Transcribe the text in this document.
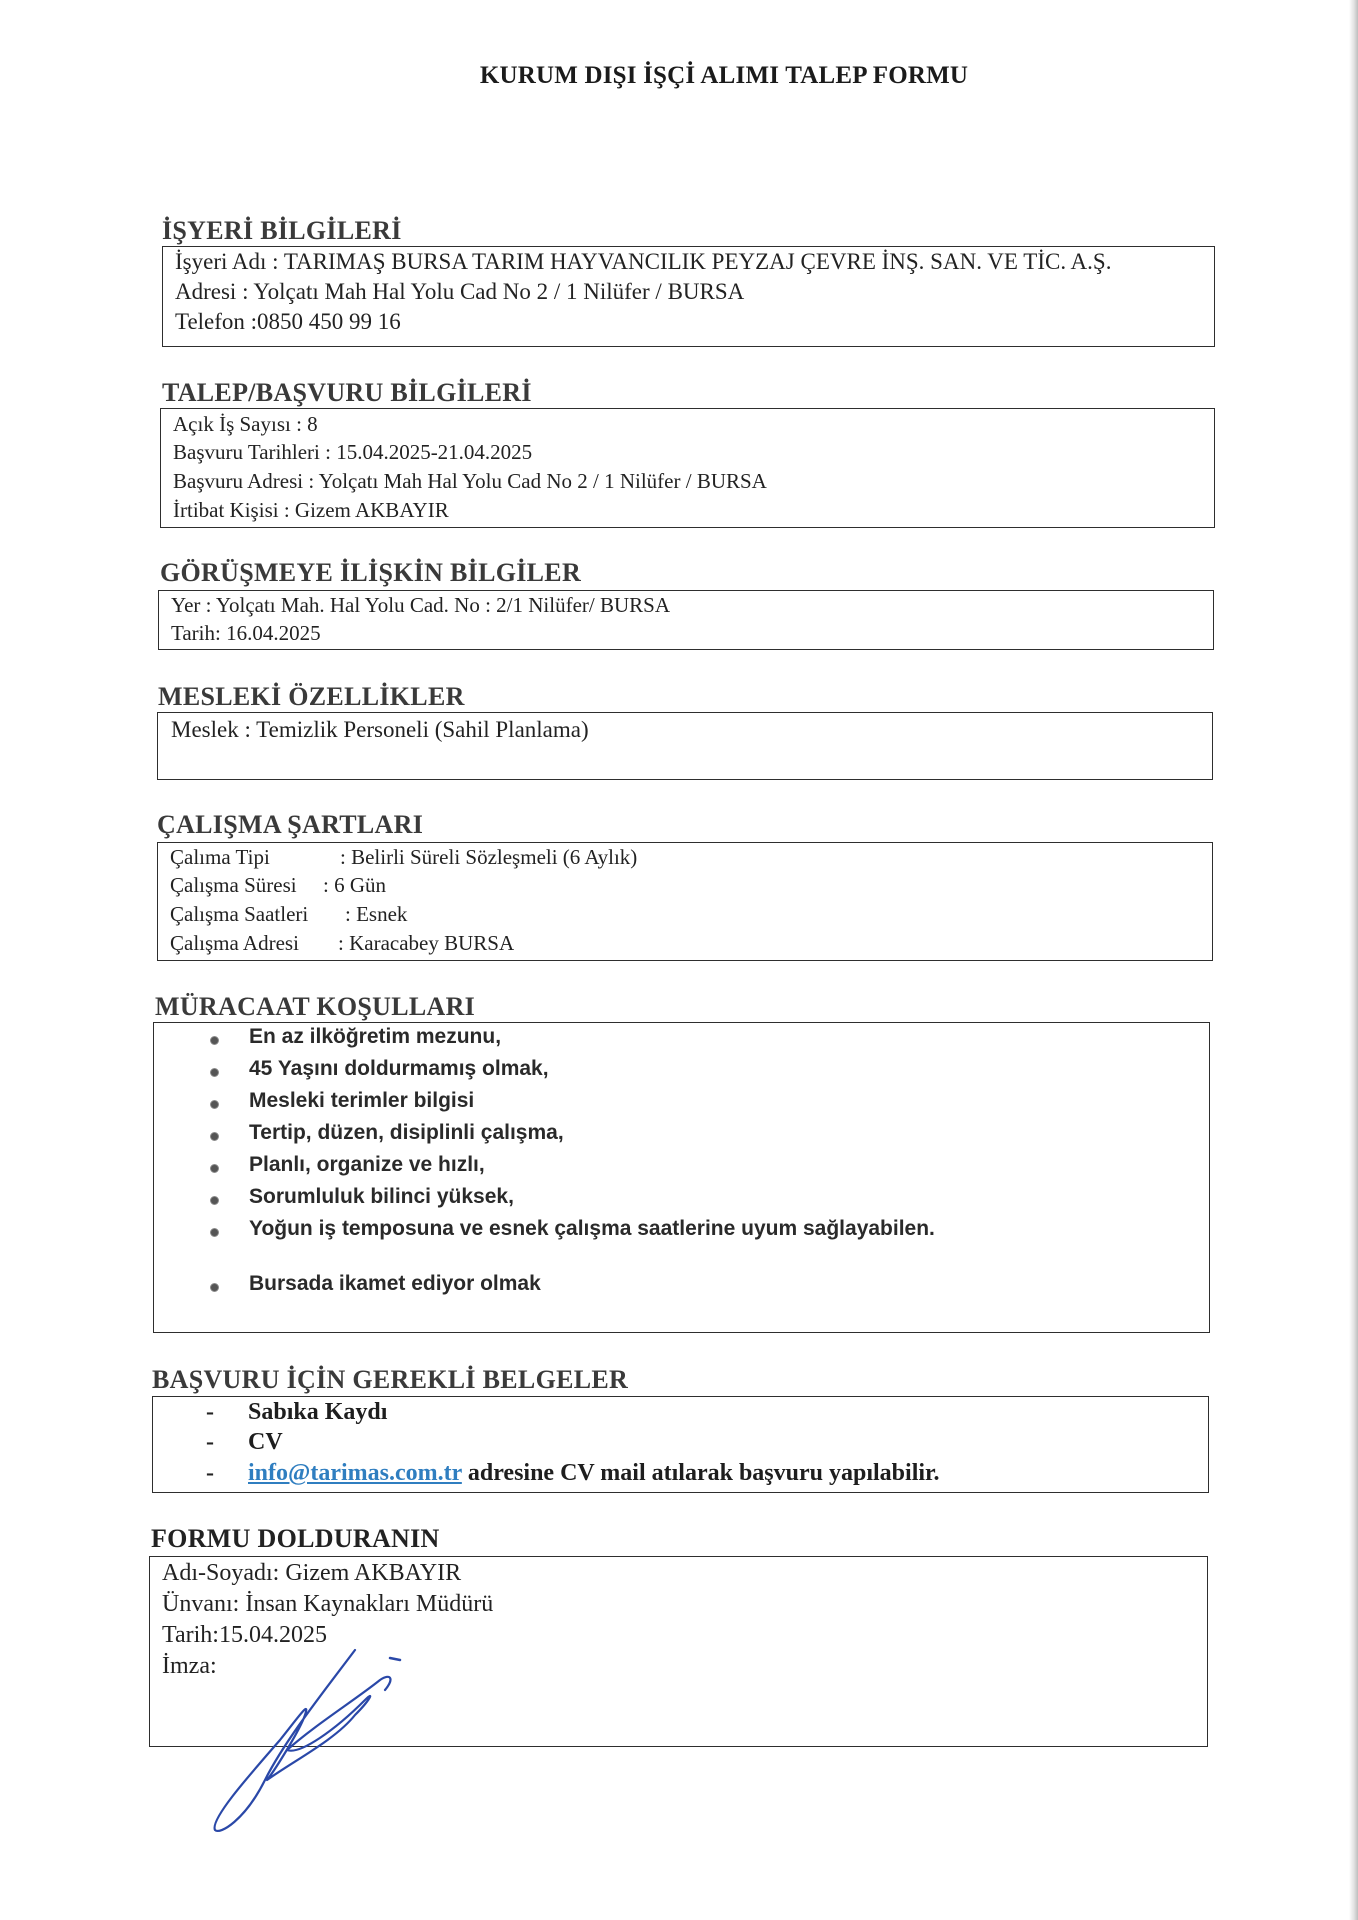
KURUM DIŞI İŞÇİ ALIMI TALEP FORMU
İŞYERİ BİLGİLERİ
İşyeri Adı : TARIMAŞ BURSA TARIM HAYVANCILIK PEYZAJ ÇEVRE İNŞ. SAN. VE TİC. A.Ş.
Adresi : Yolçatı Mah Hal Yolu Cad No 2 / 1 Nilüfer / BURSA
Telefon :0850 450 99 16
TALEP/BAŞVURU BİLGİLERİ
Açık İş Sayısı : 8
Başvuru Tarihleri : 15.04.2025-21.04.2025
Başvuru Adresi : Yolçatı Mah Hal Yolu Cad No 2 / 1 Nilüfer / BURSA
İrtibat Kişisi : Gizem AKBAYIR
GÖRÜŞMEYE İLİŞKİN BİLGİLER
Yer : Yolçatı Mah. Hal Yolu Cad. No : 2/1 Nilüfer/ BURSA
Tarih: 16.04.2025
MESLEKİ ÖZELLİKLER
Meslek : Temizlik Personeli (Sahil Planlama)
ÇALIŞMA ŞARTLARI
Çalıma Tipi	: Belirli Süreli Sözleşmeli (6 Aylık)
Çalışma Süresi : 6 Gün
Çalışma Saatleri : Esnek
Çalışma Adresi : Karacabey BURSA
MÜRACAAT KOŞULLARI
En az ilköğretim mezunu,
45 Yaşını doldurmamış olmak,
Mesleki terimler bilgisi
Tertip, düzen, disiplinli çalışma,
Planlı, organize ve hızlı,
Sorumluluk bilinci yüksek,
Yoğun iş temposuna ve esnek çalışma saatlerine uyum sağlayabilen.
Bursada ikamet ediyor olmak
BAŞVURU İÇİN GEREKLİ BELGELER
- Sabıka Kaydı
- CV
- info@tarimas.com.tr adresine CV mail atılarak başvuru yapılabilir.
FORMU DOLDURANIN
Adı-Soyadı: Gizem AKBAYIR
Ünvanı: İnsan Kaynakları Müdürü
Tarih:15.04.2025
İmza:
